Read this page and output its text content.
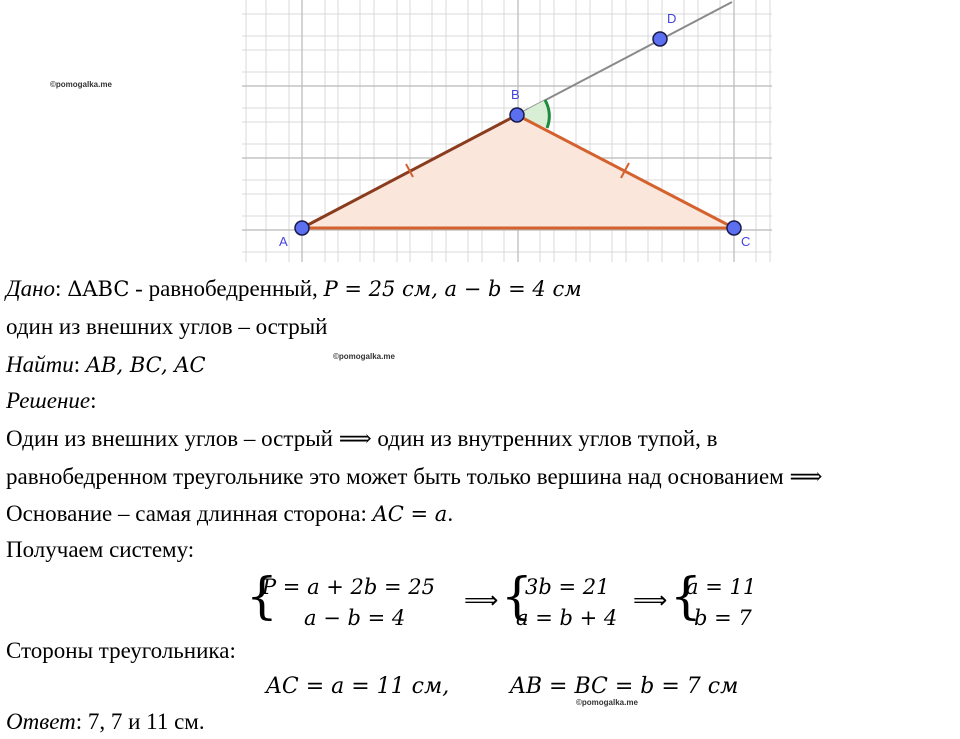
A
B
C
D
©pomogalka.me
©pomogalka.me
©pomogalka.me
Дано: ΔABC - равнобедренный, P = 25 см, a − b = 4 см
один из внешних углов – острый
Найти: AB, BC, AC
Решение:
Один из внешних углов – острый ⟹ один из внутренних углов тупой, в
равнобедренном треугольнике это может быть только вершина над основанием ⟹
Основание – самая длинная сторона: AC = a.
Получаем систему:
{
P = a + 2b = 25
a − b = 4
⟹ {
3b = 21
a = b + 4
⟹ {
a = 11
b = 7
Стороны треугольника:
AC = a = 11 см,	AB = BC = b = 7 см
Ответ: 7, 7 и 11 см.
